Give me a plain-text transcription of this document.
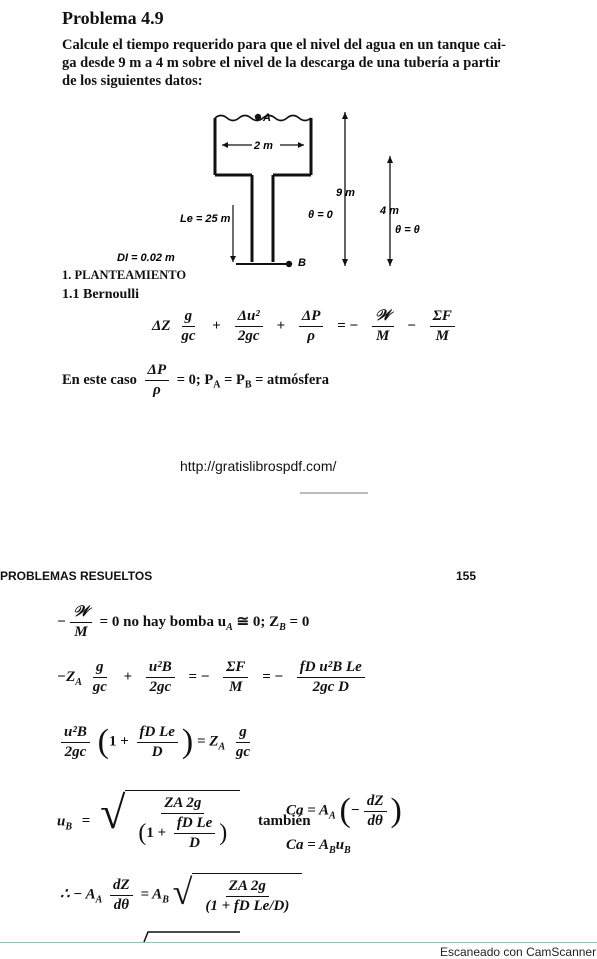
Problema 4.9
Calcule el tiempo requerido para que el nivel del agua en un tanque cai-
ga desde 9 m a 4 m sobre el nivel de la descarga de una tubería a partir
de los siguientes datos:
A
2 m
9 m
4 m
θ = 0
θ = θ
Le = 25 m
DI = 0.02 m	B
1. PLANTEAMIENTO
1.1 Bernoulli
ΔZ $\frac{g}{gc} + \frac{\text{Δu²}}{2gc} + \frac{\Delta P}{\rho}$ = − $\frac{\text{𝒲}}{M} - \frac{\Sigma F}{M}$
En este caso $\frac{\Delta P}{\rho} = 0$; $P_A = P_B$ = atmósfera
http://gratislibrospdf.com/
PROBLEMAS RESUELTOS	155
− $\frac{\text{𝒲}}{M} = 0$ no hay bomba $u_A$ ≅ 0; $Z_B = 0$
$-Z_A \frac{g}{gc} + \frac{\text{u²B}}{2gc}$ = − $\frac{\Sigma F}{M}$ = − $\frac{\text{fD u²B Le}}{\text{2gc D}}$
$\frac{\text{u²B}}{2gc} (1 + \frac{\text{fD Le}}{D}$ ) = $Z_A \frac{g}{gc}$
$u_B$ = √ $\frac{ZA 2g}{(1 + \frac{\text{fD Le}}{D} )}$ también
$Ca = A_A$ (− $\frac{dZ}{d\theta}$ )
$Ca = A_Bu_B$
∴ − $A_A \frac{dZ}{d\theta} = A_B$ √ $\frac{ZA 2g}{\text{(1 + fD Le/D)}}$
Escaneado con CamScanner
